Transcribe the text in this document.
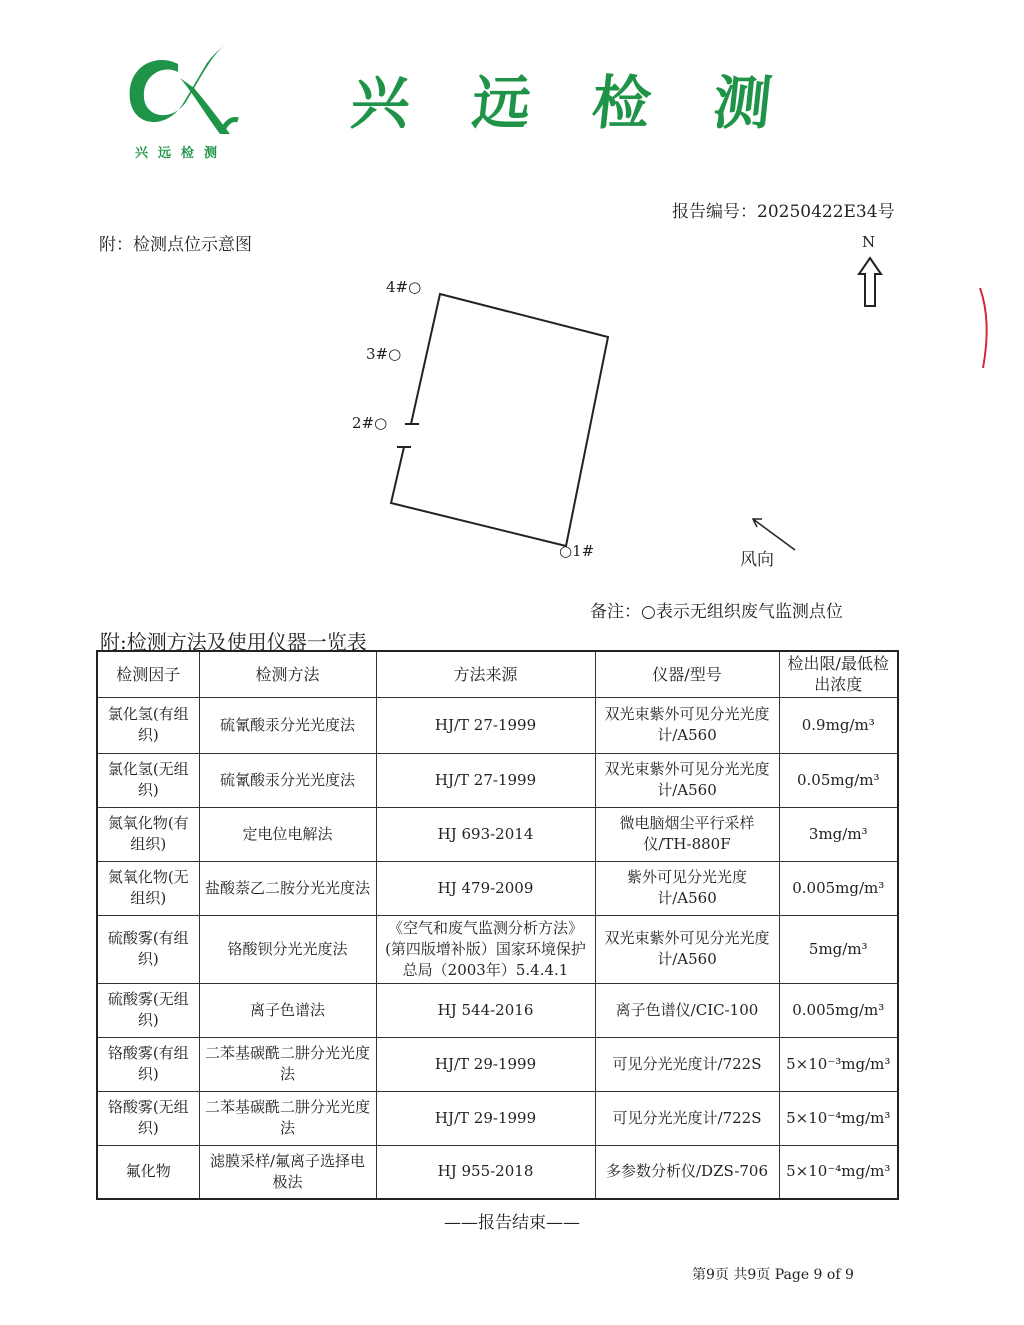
兴远检测
兴 远 检 测
报告编号：20250422E34号
附：检测点位示意图
4#○
3#○
2#○
○1#
N
风向
备注：○表示无组织废气监测点位
附:检测方法及使用仪器一览表
检测因子	检测方法	方法来源	仪器/型号	检出限/最低检出浓度
氯化氢(有组织)	硫氰酸汞分光光度法	HJ/T 27-1999	双光束紫外可见分光光度计/A560	0.9mg/m³
氯化氢(无组织)	硫氰酸汞分光光度法	HJ/T 27-1999	双光束紫外可见分光光度计/A560	0.05mg/m³
氮氧化物(有组织)	定电位电解法	HJ 693-2014	微电脑烟尘平行采样仪/TH-880F	3mg/m³
氮氧化物(无组织)	盐酸萘乙二胺分光光度法	HJ 479-2009	紫外可见分光光度计/A560	0.005mg/m³
硫酸雾(有组织)	铬酸钡分光光度法	《空气和废气监测分析方法》(第四版增补版）国家环境保护总局（2003年）5.4.4.1	双光束紫外可见分光光度计/A560	5mg/m³
硫酸雾(无组织)	离子色谱法	HJ 544-2016	离子色谱仪/CIC-100	0.005mg/m³
铬酸雾(有组织)	二苯基碳酰二肼分光光度法	HJ/T 29-1999	可见分光光度计/722S	5×10⁻³mg/m³
铬酸雾(无组织)	二苯基碳酰二肼分光光度法	HJ/T 29-1999	可见分光光度计/722S	5×10⁻⁴mg/m³
氟化物	滤膜采样/氟离子选择电极法	HJ 955-2018	多参数分析仪/DZS-706	5×10⁻⁴mg/m³
——报告结束——
第9页 共9页 Page 9 of 9
